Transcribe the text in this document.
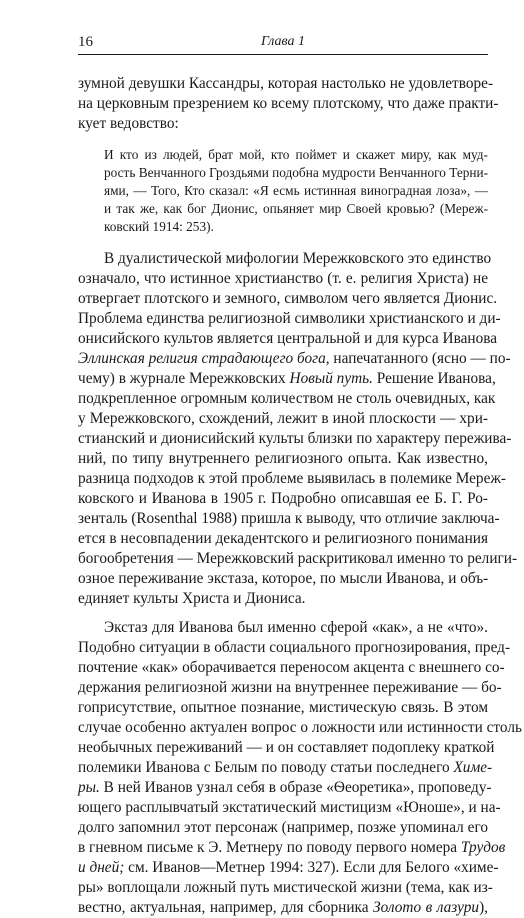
16	Глава 1
зумной девушки Кассандры, которая настолько не удовлетворе-
на церковным презрением ко всему плотскому, что даже практи-
кует ведовство:
И кто из людей, брат мой, кто поймет и скажет миру, как муд-
рость Венчанного Гроздьями подобна мудрости Венчанного Терни-
ями, — Того, Кто сказал: «Я есмь истинная виноградная лоза», —
и так же, как бог Дионис, опьяняет мир Своей кровью? (Мереж-
ковский 1914: 253).
В дуалистической мифологии Мережковского это единство
означало, что истинное христианство (т. е. религия Христа) не
отвергает плотского и земного, символом чего является Дионис.
Проблема единства религиозной символики христианского и ди-
онисийского культов является центральной и для курса Иванова
Эллинская религия страдающего бога, напечатанного (ясно — по-
чему) в журнале Мережковских Новый путь. Решение Иванова,
подкрепленное огромным количеством не столь очевидных, как
у Мережковского, схождений, лежит в иной плоскости — хри-
стианский и дионисийский культы близки по характеру пережива-
ний, по типу внутреннего религиозного опыта. Как известно,
разница подходов к этой проблеме выявилась в полемике Мереж-
ковского и Иванова в 1905 г. Подробно описавшая ее Б. Г. Ро-
зенталь (Rosenthal 1988) пришла к выводу, что отличие заключа-
ется в несовпадении декадентского и религиозного понимания
богообретения — Мережковский раскритиковал именно то религи-
озное переживание экстаза, которое, по мысли Иванова, и объ-
единяет культы Христа и Диониса.
Экстаз для Иванова был именно сферой «как», а не «что».
Подобно ситуации в области социального прогнозирования, пред-
почтение «как» оборачивается переносом акцента с внешнего со-
держания религиозной жизни на внутреннее переживание — бо-
гоприсутствие, опытное познание, мистическую связь. В этом
случае особенно актуален вопрос о ложности или истинности столь
необычных переживаний — и он составляет подоплеку краткой
полемики Иванова с Белым по поводу статьи последнего Химе-
ры. В ней Иванов узнал себя в образе «Ѳеоретика», проповеду-
ющего расплывчатый экстатический мистицизм «Юноше», и на-
долго запомнил этот персонаж (например, позже упоминал его
в гневном письме к Э. Метнеру по поводу первого номера Трудов
и дней; см. Иванов—Метнер 1994: 327). Если для Белого «химе-
ры» воплощали ложный путь мистической жизни (тема, как из-
вестно, актуальная, например, для сборника Золото в лазури),
